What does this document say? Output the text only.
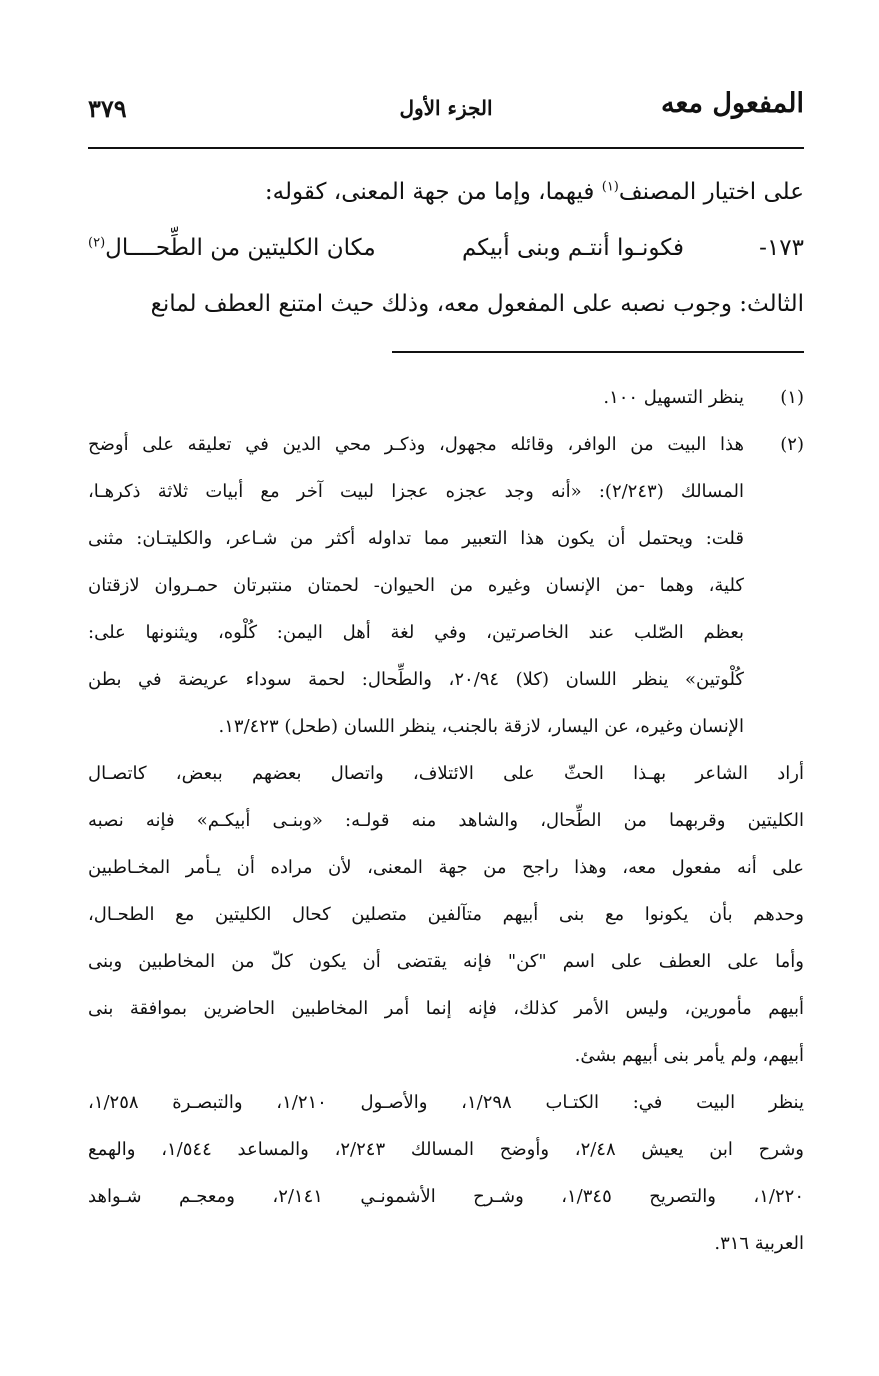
المفعول معه
الجزء الأول
٣٧٩

على اختيار المصنف$^{(١)}$ فيهما، وإما من جهة المعنى، كقوله:

١٧٣-
فكونـوا أنتـم وبنى أبيكم
مكان الكليتين من الطِّحــــال$^{(٢)}$

الثالث: وجوب نصبه على المفعول معه، وذلك حيث امتنع العطف لمانع

(١)

ينظر التسهيل ١٠٠.

(٢)

هذا البيت من الوافر، وقائله مجهول، وذكـر محي الدين في تعليقه على أوضح

المسالك (٢/٢٤٣): «أنه وجد عجزه عجزا لبيت آخر مع أبيات ثلاثة ذكرهـا،

قلت: ويحتمل أن يكون هذا التعبير مما تداوله أكثر من شـاعر، والكليتـان: مثنى

كلية، وهما -من الإنسان وغيره من الحيوان- لحمتان منتبرتان حمـروان لازقتان

بعظم الصّلب عند الخاصرتين، وفي لغة أهل اليمن: كُلْوه، ويثنونها على:

كُلْوتين» ينظر اللسان (كلا) ٢٠/٩٤، والطِّحال: لحمة سوداء عريضة في بطن

الإنسان وغيره، عن اليسار، لازقة بالجنب، ينظر اللسان (طحل) ١٣/٤٢٣.

أراد الشاعر بهـذا الحثّ على الائتلاف، واتصال بعضهم ببعض، كاتصـال

الكليتين وقربهما من الطِّحال، والشاهد منه قولـه: «وبنـى أبيكـم» فإنه نصبه

على أنه مفعول معه، وهذا راجح من جهة المعنى، لأن مراده أن يـأمر المخـاطبين

وحدهم بأن يكونوا مع بنى أبيهم متآلفين متصلين كحال الكليتين مع الطحـال،

وأما على العطف على اسم "كن" فإنه يقتضى أن يكون كلّ من المخاطبين وبنى

أبيهم مأمورين، وليس الأمر كذلك، فإنه إنما أمر المخاطبين الحاضرين بموافقة بنى

أبيهم، ولم يأمر بنى أبيهم بشئ.

ينظر البيت في: الكتـاب ١/٢٩٨، والأصـول ١/٢١٠، والتبصـرة ١/٢٥٨،

وشرح ابن يعيش ٢/٤٨، وأوضح المسالك ٢/٢٤٣، والمساعد ١/٥٤٤، والهمع

١/٢٢٠، والتصريح ١/٣٤٥، وشـرح الأشمونـي ٢/١٤١، ومعجـم شـواهد

العربية ٣١٦.
